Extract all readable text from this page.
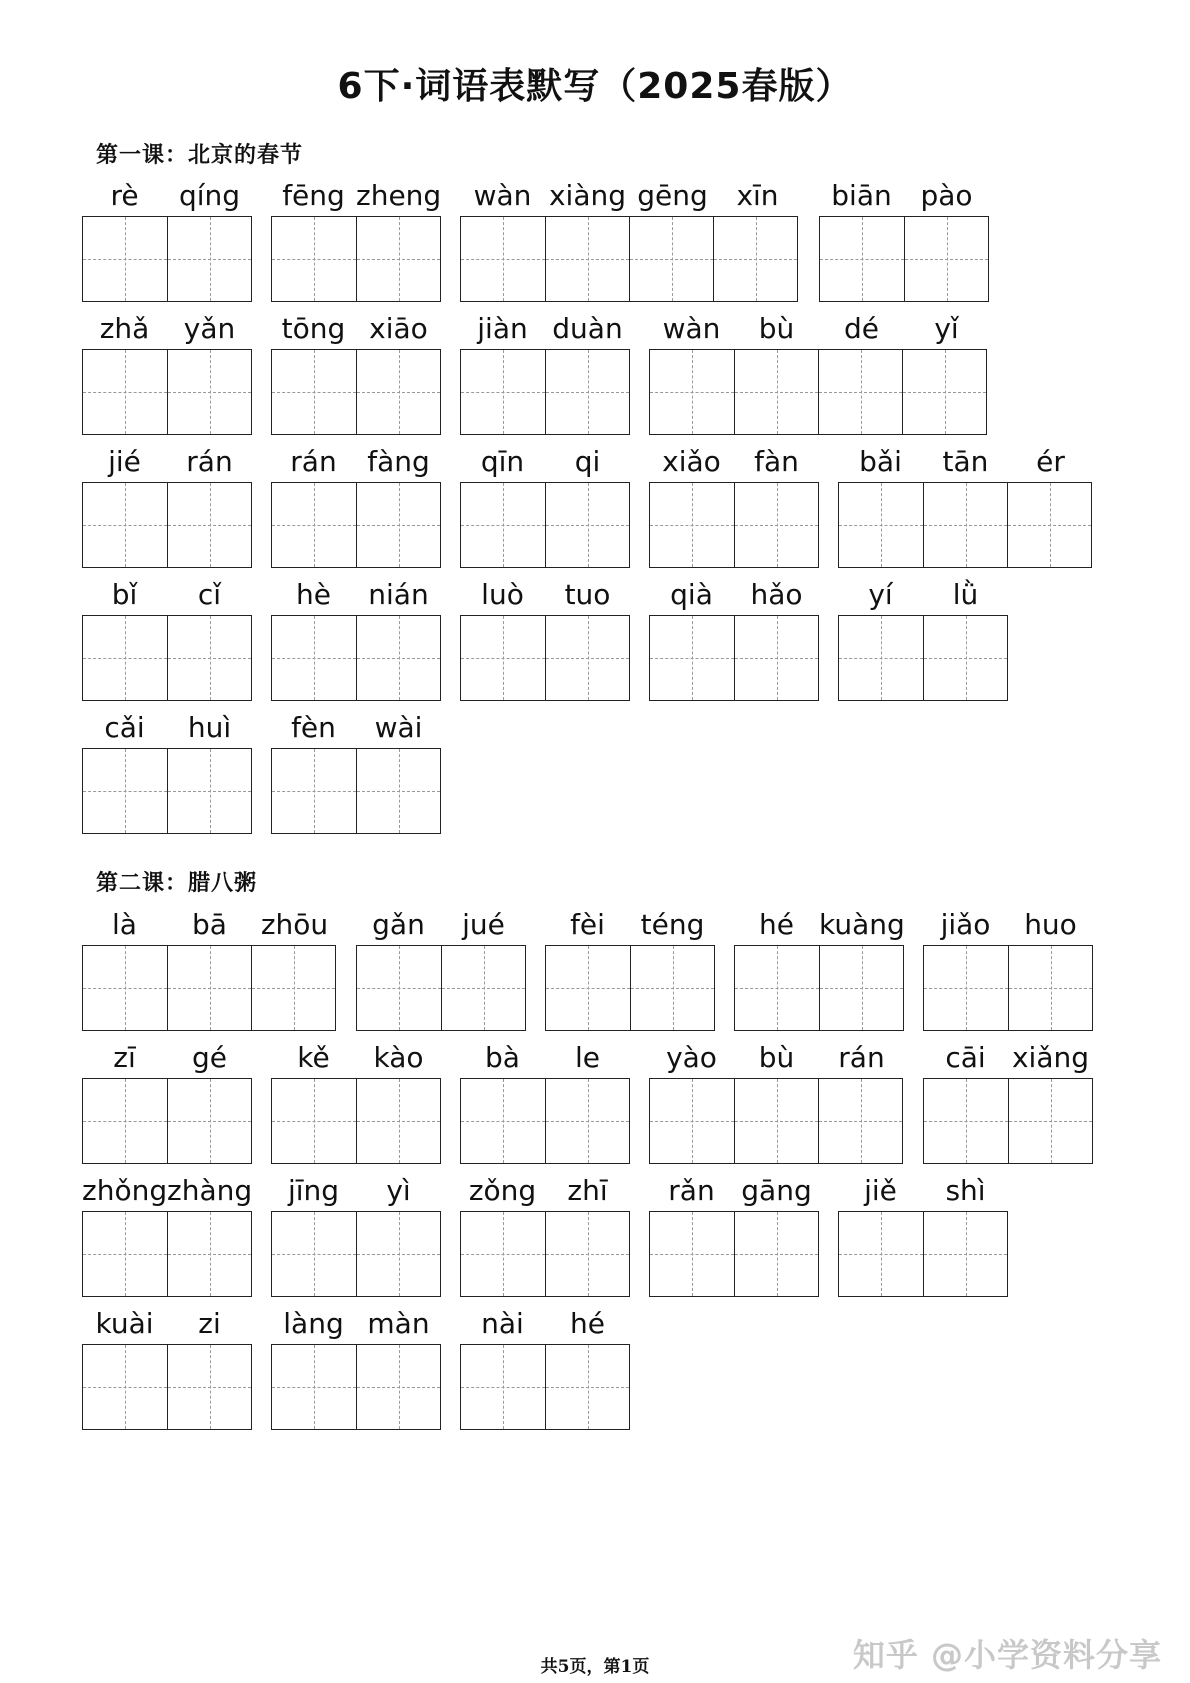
6下·词语表默写（2025春版）
第一课：北京的春节
第二课：腊八粥
rè	qíng	fēng zheng	wàn xiàng gēng	xīn	biān	pào
zhǎ	yǎn	tōng xiāo	jiàn duàn	wàn	bù	dé	yǐ
jié	rán	rán	fàng	qīn	qi	xiǎo	fàn	bǎi	tān	ér
bǐ	cǐ	hè	nián	luò	tuo	qià	hǎo	yí	lǜ
cǎi	huì	fèn	wài
là	bā	zhōu	gǎn	jué	fèi	téng	hé kuàng	jiǎo	huo
zī	gé	kě	kào	bà	le	yào	bù	rán	cāi xiǎng
zhǒng zhàng	jīng	yì	zǒng	zhī	rǎn gāng	jiě	shì
kuài	zi	làng màn	nài	hé
共5页，第1页	知乎 @小学资料分享
